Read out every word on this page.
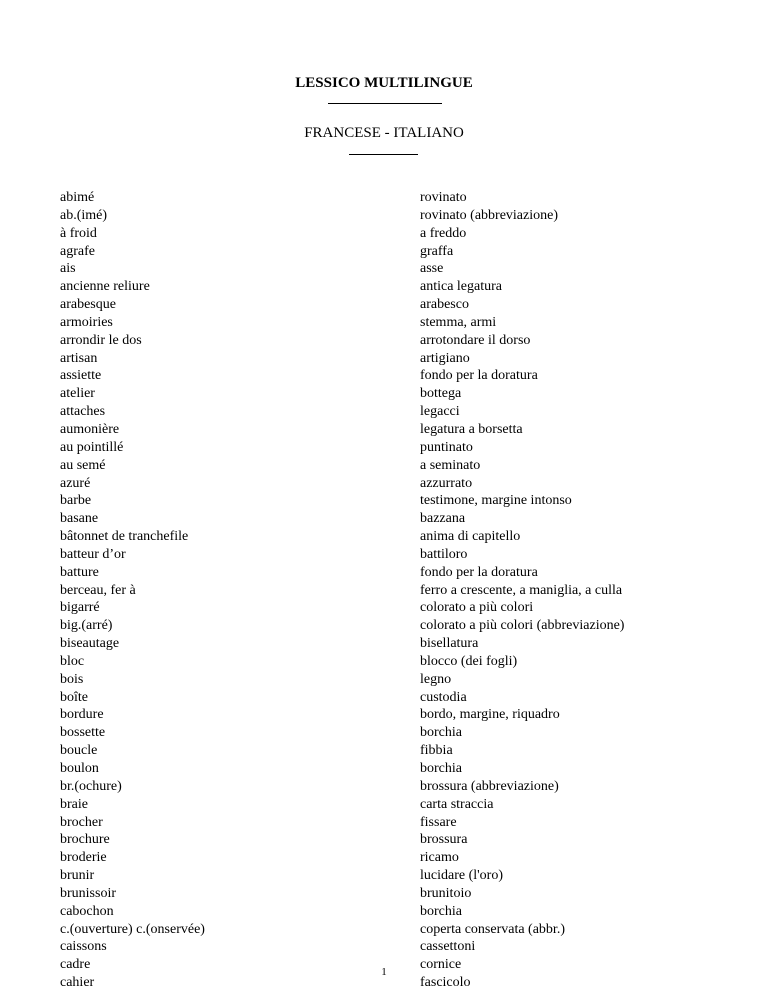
LESSICO MULTILINGUE
FRANCESE - ITALIANO
abimé	rovinato
ab.(imé)	rovinato (abbreviazione)
à froid	a freddo
agrafe	graffa
ais	asse
ancienne reliure	antica legatura
arabesque	arabesco
armoiries	stemma, armi
arrondir le dos	arrotondare il dorso
artisan	artigiano
assiette	fondo per la doratura
atelier	bottega
attaches	legacci
aumonière	legatura a borsetta
au pointillé	puntinato
au semé	a seminato
azuré	azzurrato
barbe	testimone, margine intonso
basane	bazzana
bâtonnet de tranchefile	anima di capitello
batteur d’or	battiloro
batture	fondo per la doratura
berceau, fer à	ferro a crescente, a maniglia, a culla
bigarré	colorato a più colori
big.(arré)	colorato a più colori (abbreviazione)
biseautage	bisellatura
bloc	blocco (dei fogli)
bois	legno
boîte	custodia
bordure	bordo, margine, riquadro
bossette	borchia
boucle	fibbia
boulon	borchia
br.(ochure)	brossura (abbreviazione)
braie	carta straccia
brocher	fissare
brochure	brossura
broderie	ricamo
brunir	lucidare (l'oro)
brunissoir	brunitoio
cabochon	borchia
c.(ouverture) c.(onservée)	coperta conservata (abbr.)
caissons	cassettoni
cadre	cornice
cahier	fascicolo
1
